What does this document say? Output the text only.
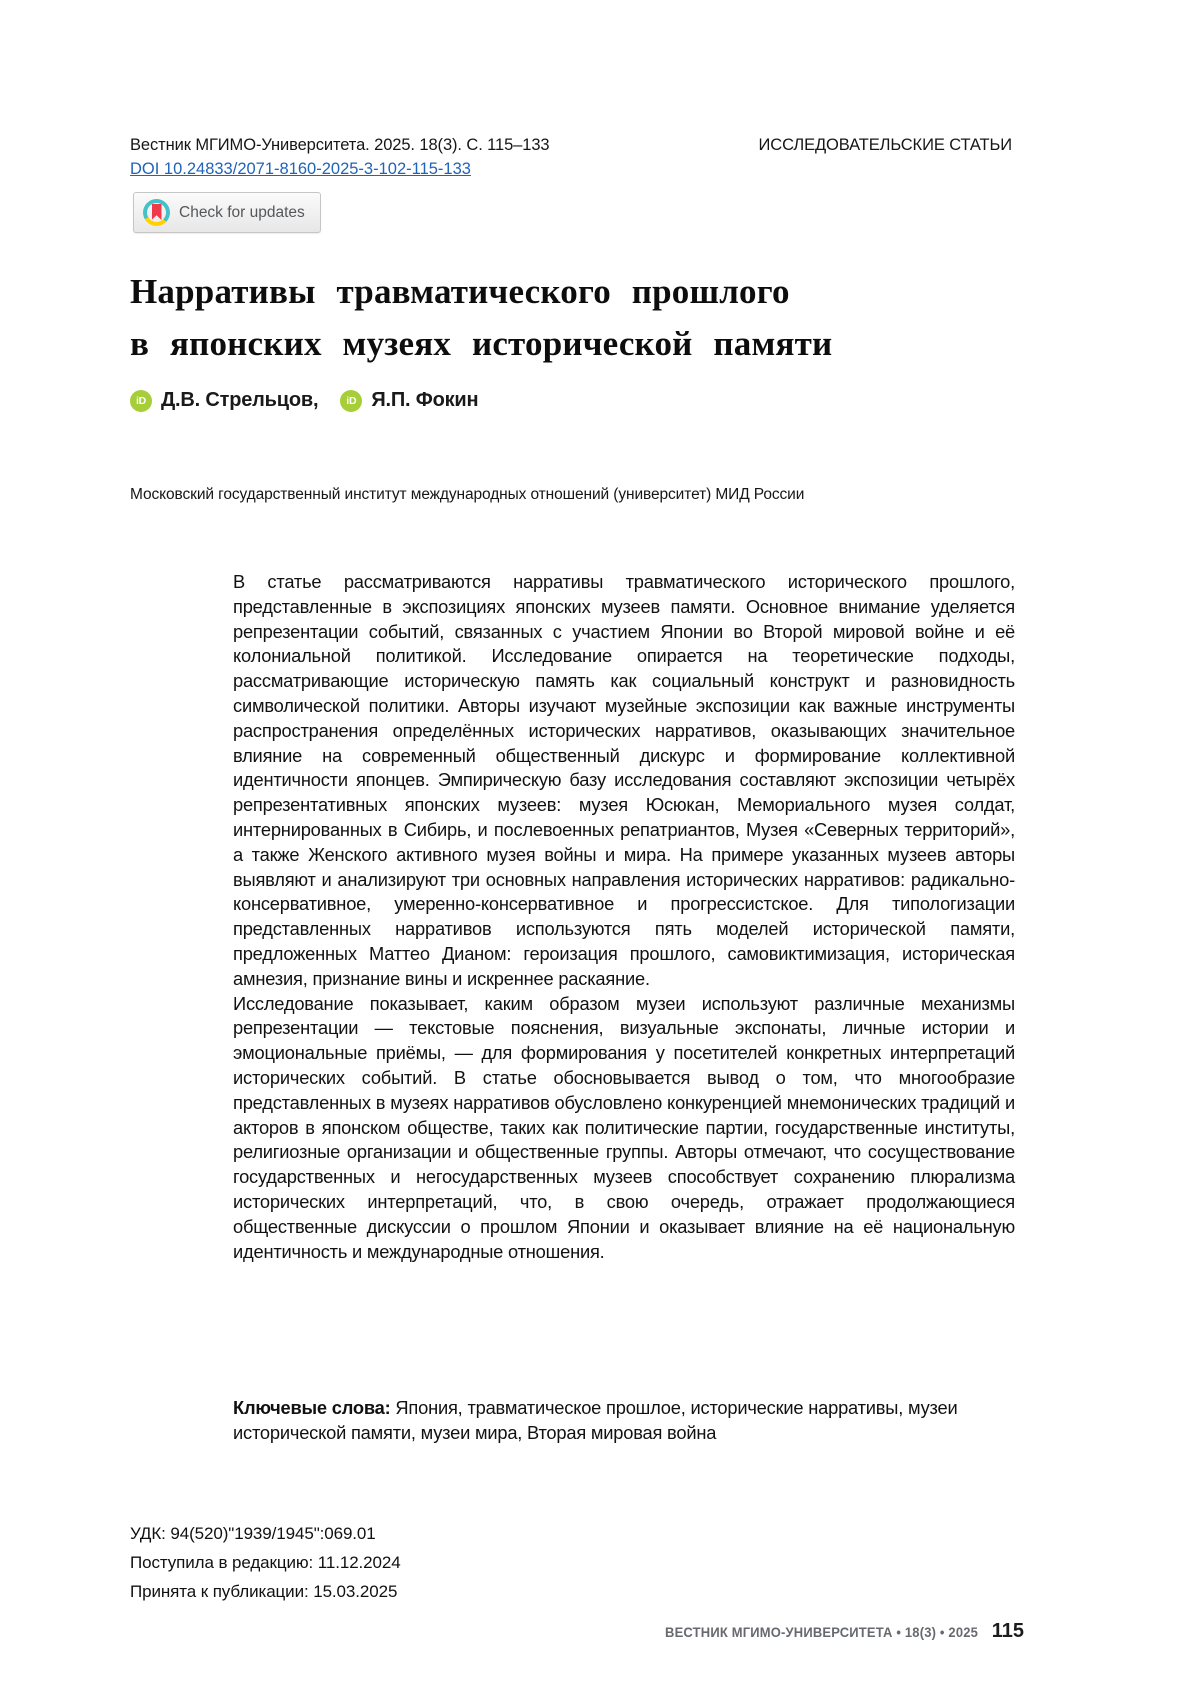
Вестник МГИМО-Университета. 2025. 18(3). С. 115–133	ИССЛЕДОВАТЕЛЬСКИЕ СТАТЬИ
DOI 10.24833/2071-8160-2025-3-102-115-133
Check for updates
Нарративы травматического прошлого
в японских музеях исторической памяти
iD Д.В. Стрельцов,	iD Я.П. Фокин
Московский государственный институт международных отношений (университет) МИД России

В статье рассматриваются нарративы травматического исторического прошлого, представленные в экспозициях японских музеев памяти. Основное внимание уделяется репрезентации событий, связанных с участием Японии во Второй мировой войне и её колониальной политикой. Исследование опирается на теоретические подходы, рассматривающие историческую память как социальный конструкт и разновидность символической политики. Авторы изучают музейные экспозиции как важные инструменты распространения определённых исторических нарративов, оказывающих значительное влияние на современный общественный дискурс и формирование коллективной идентичности японцев. Эмпирическую базу исследования составляют экспозиции четырёх репрезентативных японских музеев: музея Юсюкан, Мемориального музея солдат, интернированных в Сибирь, и послевоенных репатриантов, Музея «Северных территорий», а также Женского активного музея войны и мира. На примере указанных музеев авторы выявляют и анализируют три основных направления исторических нарративов: радикально-консервативное, умеренно-консервативное и прогрессистское. Для типологизации представленных нарративов используются пять моделей исторической памяти, предложенных Маттео Дианом: героизация прошлого, самовиктимизация, историческая амнезия, признание вины и искреннее раскаяние.

Исследование показывает, каким образом музеи используют различные механизмы репрезентации — текстовые пояснения, визуальные экспонаты, личные истории и эмоциональные приёмы, — для формирования у посетителей конкретных интерпретаций исторических событий. В статье обосновывается вывод о том, что многообразие представленных в музеях нарративов обусловлено конкуренцией мнемонических традиций и акторов в японском обществе, таких как политические партии, государственные институты, религиозные организации и общественные группы. Авторы отмечают, что сосуществование государственных и негосударственных музеев способствует сохранению плюрализма исторических интерпретаций, что, в свою очередь, отражает продолжающиеся общественные дискуссии о прошлом Японии и оказывает влияние на её национальную идентичность и международные отношения.

Ключевые слова: Япония, травматическое прошлое, исторические нарративы, музеи исторической памяти, музеи мира, Вторая мировая война
УДК: 94(520)"1939/1945":069.01
Поступила в редакцию: 11.12.2024
Принята к публикации: 15.03.2025
ВЕСТНИК МГИМО-УНИВЕРСИТЕТА • 18(3) • 2025 115
